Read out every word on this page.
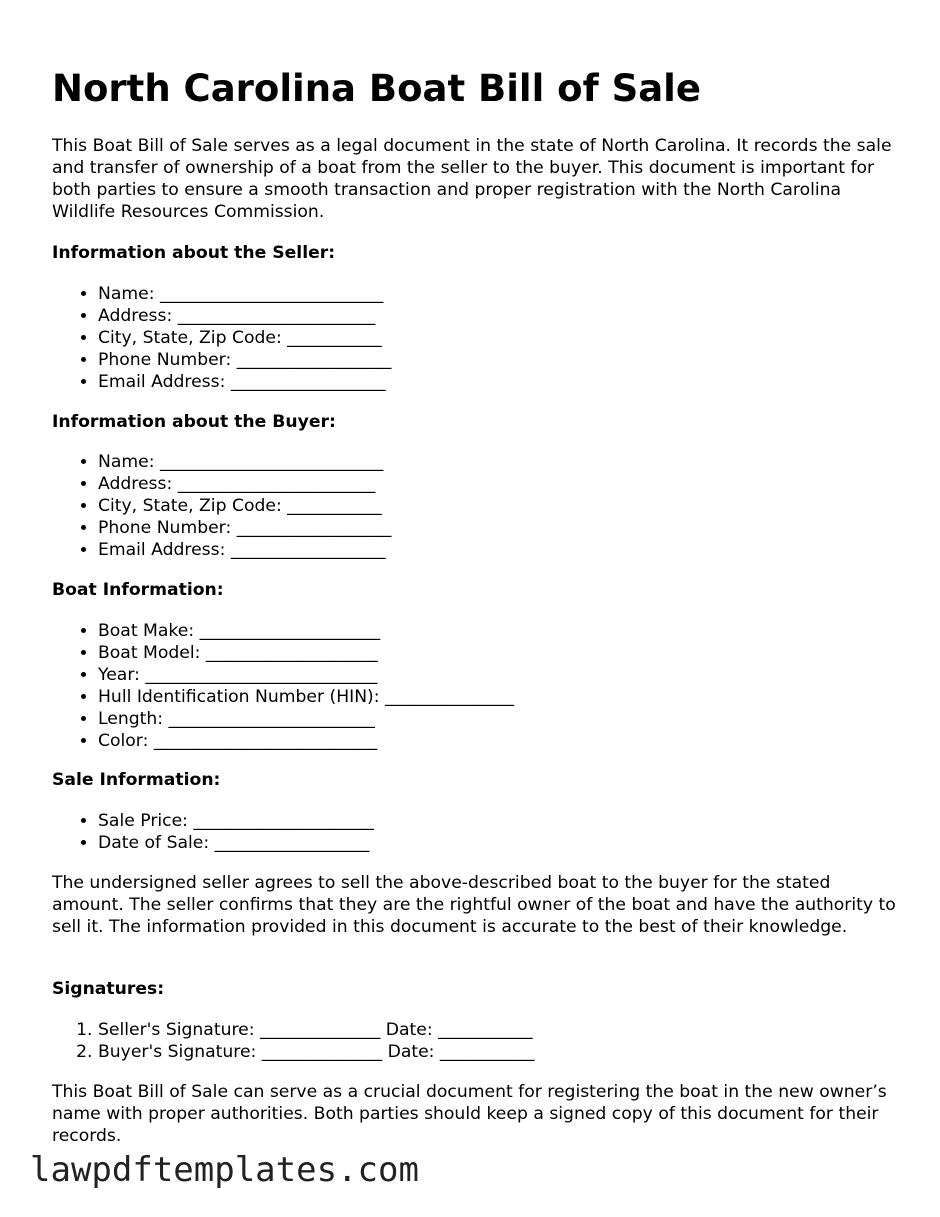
North Carolina Boat Bill of Sale

This Boat Bill of Sale serves as a legal document in the state of North Carolina. It records the sale and transfer of ownership of a boat from the seller to the buyer. This document is important for both parties to ensure a smooth transaction and proper registration with the North Carolina Wildlife Resources Commission.

Information about the Seller:

• Name: __________________________
• Address: _______________________
• City, State, Zip Code: ___________
• Phone Number: __________________
• Email Address: __________________

Information about the Buyer:

• Name: __________________________
• Address: _______________________
• City, State, Zip Code: ___________
• Phone Number: __________________
• Email Address: __________________

Boat Information:

• Boat Make: _____________________
• Boat Model: ____________________
• Year: ___________________________
• Hull Identification Number (HIN): _______________
• Length: ________________________
• Color: __________________________

Sale Information:

• Sale Price: _____________________
• Date of Sale: __________________

The undersigned seller agrees to sell the above-described boat to the buyer for the stated amount. The seller confirms that they are the rightful owner of the boat and have the authority to sell it. The information provided in this document is accurate to the best of their knowledge.

Signatures:

1. Seller's Signature: ______________ Date: ___________
2. Buyer's Signature: ______________ Date: ___________

This Boat Bill of Sale can serve as a crucial document for registering the boat in the new owner’s name with proper authorities. Both parties should keep a signed copy of this document for their records.

lawpdftemplates.com
